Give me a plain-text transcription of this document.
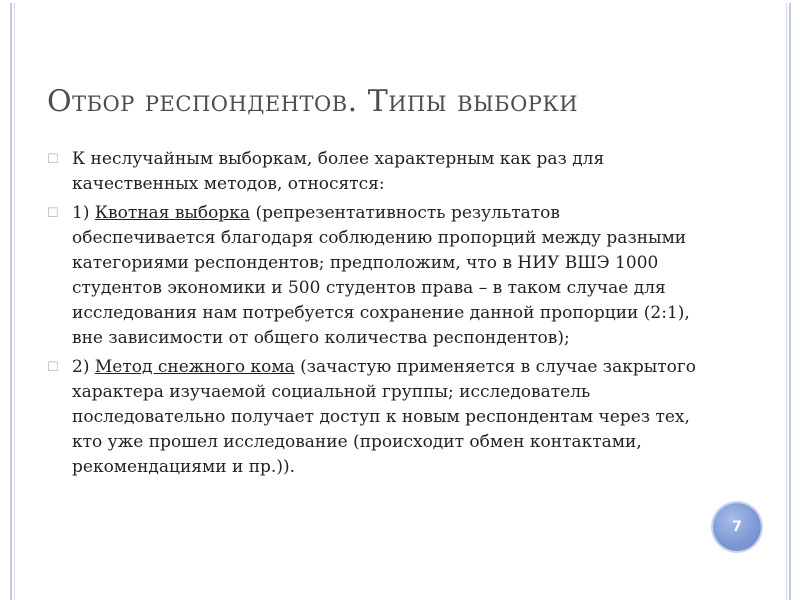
Отбор респондентов. Типы выборки
☐ К неслучайным выборкам, более характерным как раз для качественных методов, относятся:
☐ 1) Квотная выборка (репрезентативность результатов обеспечивается благодаря соблюдению пропорций между разными категориями респондентов; предположим, что в НИУ ВШЭ 1000 студентов экономики и 500 студентов права – в таком случае для исследования нам потребуется сохранение данной пропорции (2:1), вне зависимости от общего количества респондентов);
☐ 2) Метод снежного кома (зачастую применяется в случае закрытого характера изучаемой социальной группы; исследователь последовательно получает доступ к новым респондентам через тех, кто уже прошел исследование (происходит обмен контактами, рекомендациями и пр.)).
7
